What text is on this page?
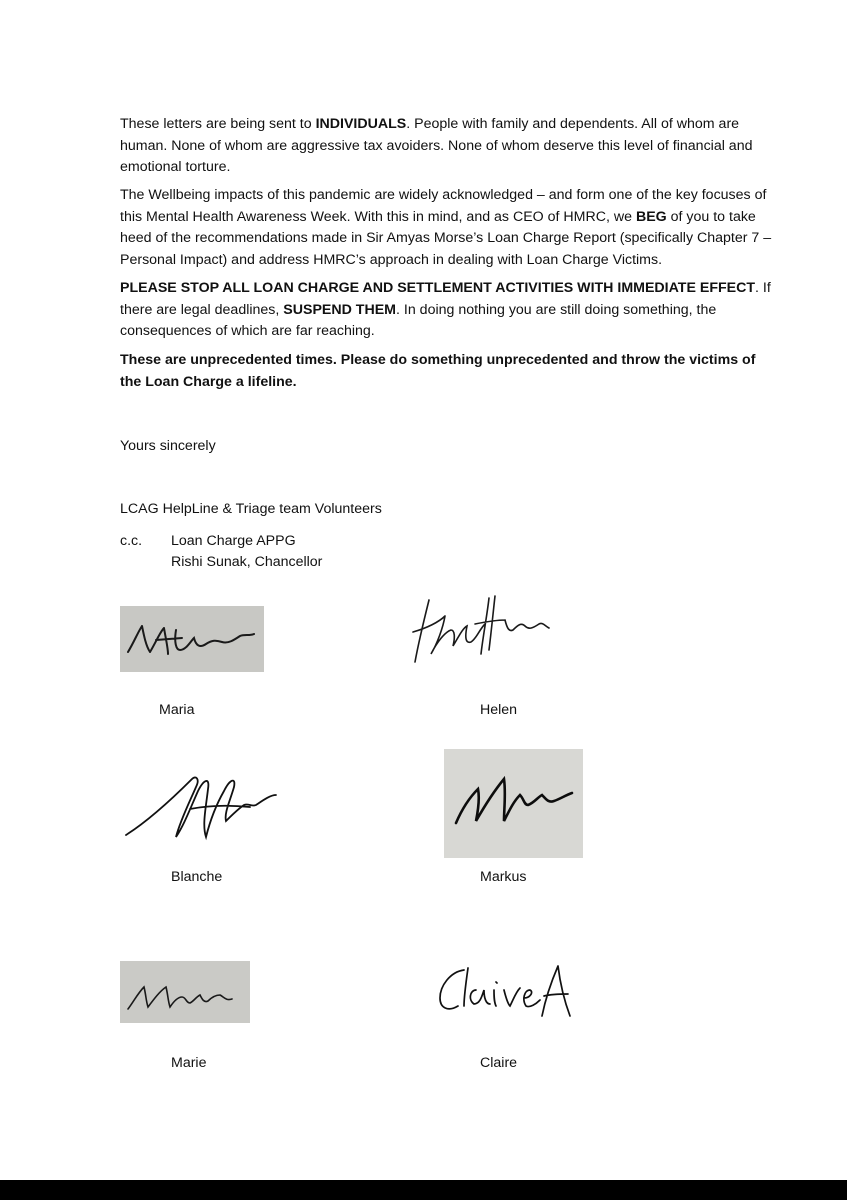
These letters are being sent to INDIVIDUALS. People with family and dependents. All of whom are human. None of whom are aggressive tax avoiders. None of whom deserve this level of financial and emotional torture.

The Wellbeing impacts of this pandemic are widely acknowledged – and form one of the key focuses of this Mental Health Awareness Week. With this in mind, and as CEO of HMRC, we BEG of you to take heed of the recommendations made in Sir Amyas Morse’s Loan Charge Report (specifically Chapter 7 – Personal Impact) and address HMRC’s approach in dealing with Loan Charge Victims.

PLEASE STOP ALL LOAN CHARGE AND SETTLEMENT ACTIVITIES WITH IMMEDIATE EFFECT. If there are legal deadlines, SUSPEND THEM. In doing nothing you are still doing something, the consequences of which are far reaching.

These are unprecedented times. Please do something unprecedented and throw the victims of the Loan Charge a lifeline.

Yours sincerely

LCAG HelpLine & Triage team Volunteers

c.c. Loan Charge APPG

Rishi Sunak, Chancellor

Maria	Helen

Blanche	Markus

Marie	Claire
